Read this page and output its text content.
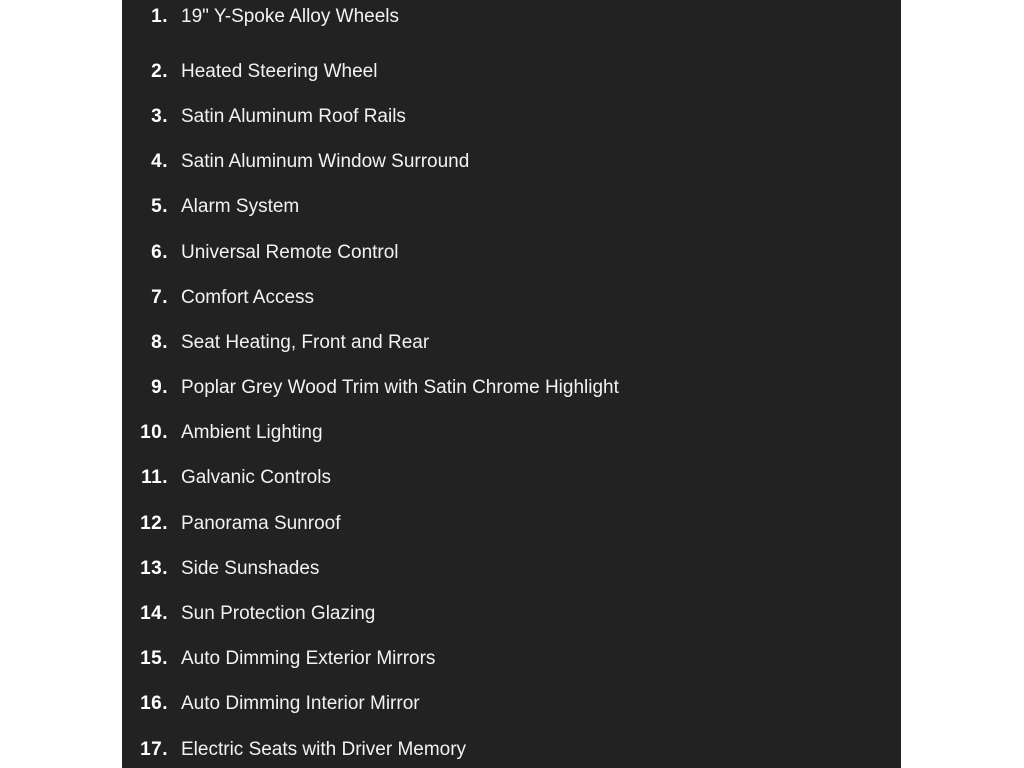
1. 19" Y-Spoke Alloy Wheels
2. Heated Steering Wheel
3. Satin Aluminum Roof Rails
4. Satin Aluminum Window Surround
5. Alarm System
6. Universal Remote Control
7. Comfort Access
8. Seat Heating, Front and Rear
9. Poplar Grey Wood Trim with Satin Chrome Highlight
10. Ambient Lighting
11. Galvanic Controls
12. Panorama Sunroof
13. Side Sunshades
14. Sun Protection Glazing
15. Auto Dimming Exterior Mirrors
16. Auto Dimming Interior Mirror
17. Electric Seats with Driver Memory
